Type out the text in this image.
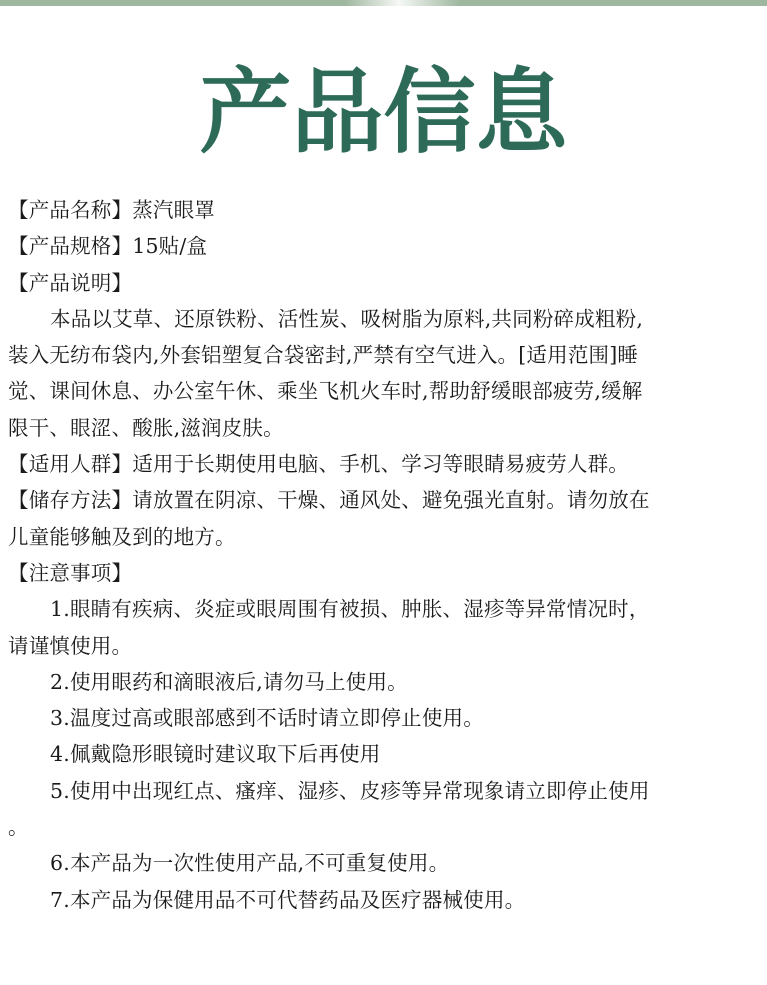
产品信息
【产品名称】蒸汽眼罩
【产品规格】15贴/盒
【产品说明】
本品以艾草、还原铁粉、活性炭、吸树脂为原料,共同粉碎成粗粉,
装入无纺布袋内,外套铝塑复合袋密封,严禁有空气进入。[适用范围]睡
觉、课间休息、办公室午休、乘坐飞机火车时,帮助舒缓眼部疲劳,缓解
限干、眼涩、酸胀,滋润皮肤。
【适用人群】适用于长期使用电脑、手机、学习等眼睛易疲劳人群。
【储存方法】请放置在阴凉、干燥、通风处、避免强光直射。请勿放在
儿童能够触及到的地方。
【注意事项】
1.眼睛有疾病、炎症或眼周围有被损、肿胀、湿疹等异常情况时，
请谨慎使用。
2.使用眼药和滴眼液后,请勿马上使用。
3.温度过高或眼部感到不话时请立即停止使用。
4.佩戴隐形眼镜时建议取下后再使用
5.使用中出现红点、瘙痒、湿疹、皮疹等异常现象请立即停止使用
。
6.本产品为一次性使用产品,不可重复使用。
7.本产品为保健用品不可代替药品及医疗器械使用。
